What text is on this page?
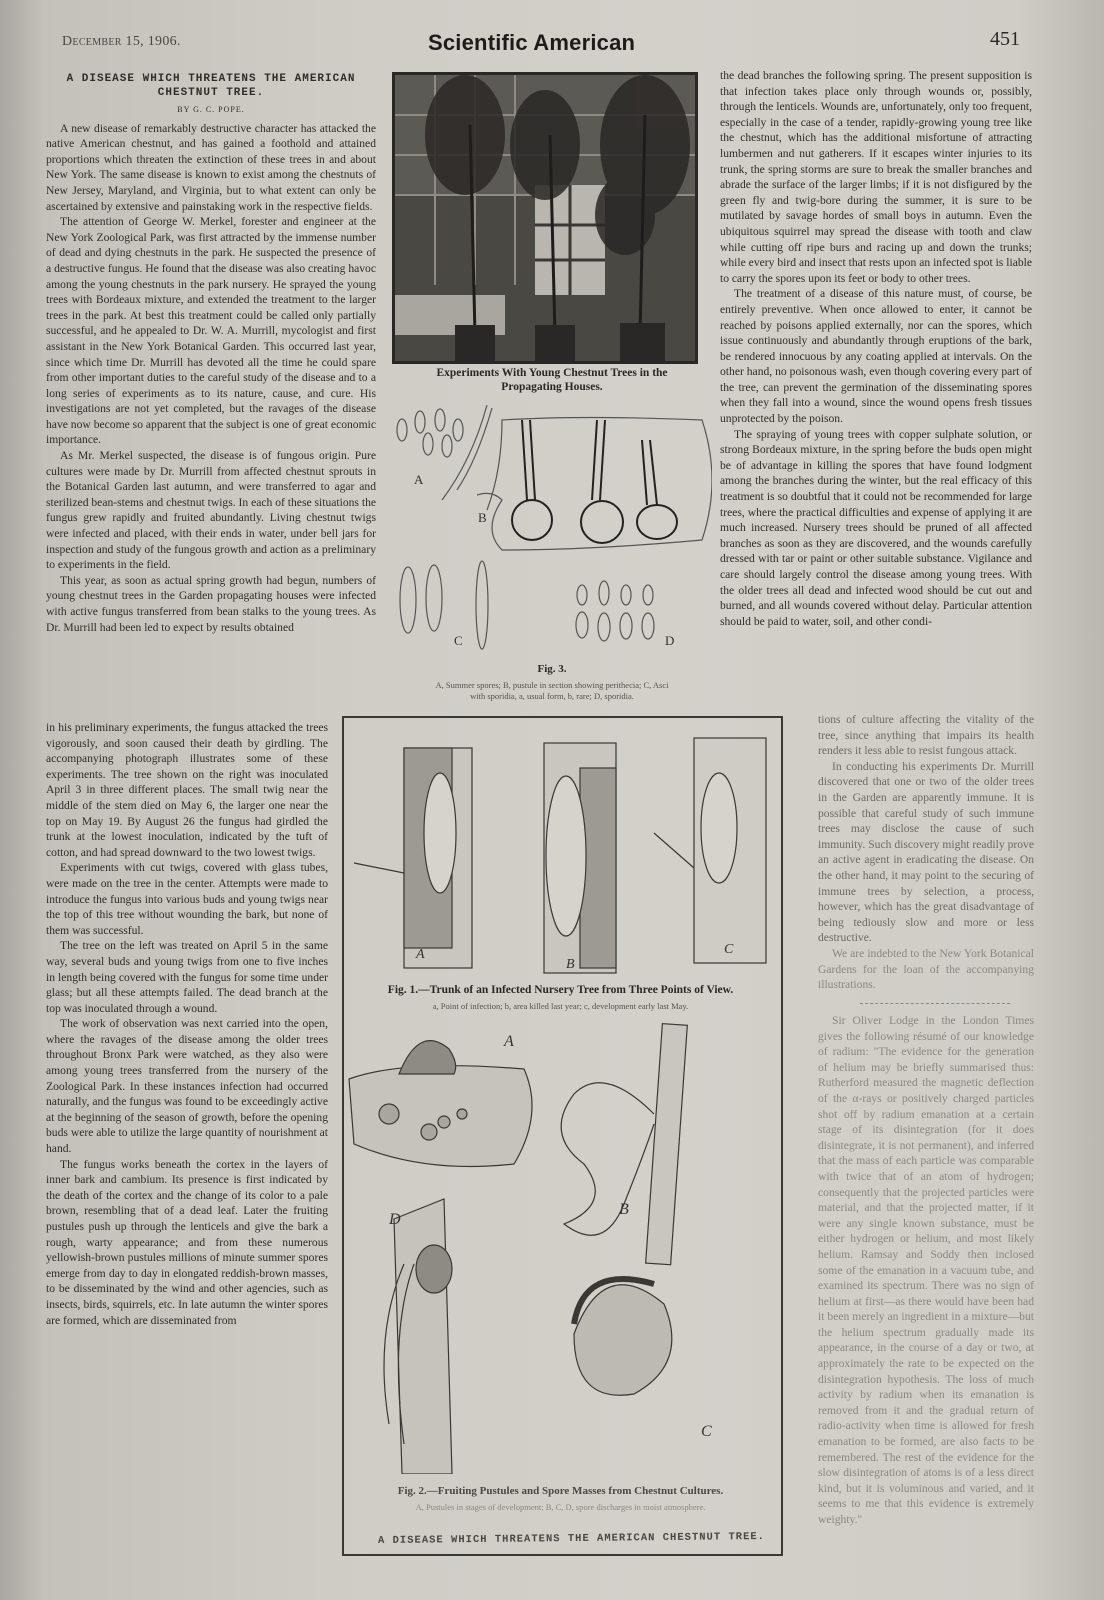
December 15, 1906.	Scientific American	451
A DISEASE WHICH THREATENS THE AMERICAN
CHESTNUT TREE.
BY G. C. POPE.

A new disease of remarkably destructive character has attacked the native American chestnut, and has gained a foothold and attained proportions which threaten the extinction of these trees in and about New York. The same disease is known to exist among the chestnuts of New Jersey, Maryland, and Virginia, but to what extent can only be ascertained by extensive and painstaking work in the respective fields.

The attention of George W. Merkel, forester and engineer at the New York Zoological Park, was first attracted by the immense number of dead and dying chestnuts in the park. He suspected the presence of a destructive fungus. He found that the disease was also creating havoc among the young chestnuts in the park nursery. He sprayed the young trees with Bordeaux mixture, and extended the treatment to the larger trees in the park. At best this treatment could be called only partially successful, and he appealed to Dr. W. A. Murrill, mycologist and first assistant in the New York Botanical Garden. This occurred last year, since which time Dr. Murrill has devoted all the time he could spare from other important duties to the careful study of the disease and to a long series of experiments as to its nature, cause, and cure. His investigations are not yet completed, but the ravages of the disease have now become so apparent that the subject is one of great economic importance.

As Mr. Merkel suspected, the disease is of fungous origin. Pure cultures were made by Dr. Murrill from affected chestnut sprouts in the Botanical Garden last autumn, and were transferred to agar and sterilized bean-stems and chestnut twigs. In each of these situations the fungus grew rapidly and fruited abundantly. Living chestnut twigs were infected and placed, with their ends in water, under bell jars for inspection and study of the fungous growth and action as a preliminary to experiments in the field.

This year, as soon as actual spring growth had begun, numbers of young chestnut trees in the Garden propagating houses were infected with active fungus transferred from bean stalks to the young trees. As Dr. Murrill had been led to expect by results obtained

in his preliminary experiments, the fungus attacked the trees vigorously, and soon caused their death by girdling. The accompanying photograph illustrates some of these experiments. The tree shown on the right was inoculated April 3 in three different places. The small twig near the middle of the stem died on May 6, the larger one near the top on May 19. By August 26 the fungus had girdled the trunk at the lowest inoculation, indicated by the tuft of cotton, and had spread downward to the two lowest twigs.

Experiments with cut twigs, covered with glass tubes, were made on the tree in the center. Attempts were made to introduce the fungus into various buds and young twigs near the top of this tree without wounding the bark, but none of them was successful.

The tree on the left was treated on April 5 in the same way, several buds and young twigs from one to five inches in length being covered with the fungus for some time under glass; but all these attempts failed. The dead branch at the top was inoculated through a wound.

The work of observation was next carried into the open, where the ravages of the disease among the older trees throughout Bronx Park were watched, as they also were among young trees transferred from the nursery of the Zoological Park. In these instances infection had occurred naturally, and the fungus was found to be exceedingly active at the beginning of the season of growth, before the opening buds were able to utilize the large quantity of nourishment at hand.

The fungus works beneath the cortex in the layers of inner bark and cambium. Its presence is first indicated by the death of the cortex and the change of its color to a pale brown, resembling that of a dead leaf. Later the fruiting pustules push up through the lenticels and give the bark a rough, warty appearance; and from these numerous yellowish-brown pustules millions of minute summer spores emerge from day to day in elongated reddish-brown masses, to be disseminated by the wind and other agencies, such as insects, birds, squirrels, etc. In late autumn the winter spores are formed, which are disseminated from

Experiments With Young Chestnut Trees in the
Propagating Houses.
A
B
C	D
Fig. 3.
A, Summer spores; B, pustule in section showing perithecia; C, Asci
with sporidia, a, usual form, b, rare; D, sporidia.
A
B
C
Fig. 1.—Trunk of an Infected Nursery Tree from Three Points of View.
a, Point of infection; b, area killed last year; c, development early last May.
A
B
D
C
Fig. 2.—Fruiting Pustules and Spore Masses from Chestnut Cultures.
A, Pustules in stages of development; B, C, D, spore discharges in moist atmosphere.
A DISEASE WHICH THREATENS THE AMERICAN CHESTNUT TREE.

the dead branches the following spring. The present supposition is that infection takes place only through wounds or, possibly, through the lenticels. Wounds are, unfortunately, only too frequent, especially in the case of a tender, rapidly-growing young tree like the chestnut, which has the additional misfortune of attracting lumbermen and nut gatherers. If it escapes winter injuries to its trunk, the spring storms are sure to break the smaller branches and abrade the surface of the larger limbs; if it is not disfigured by the green fly and twig-bore during the summer, it is sure to be mutilated by savage hordes of small boys in autumn. Even the ubiquitous squirrel may spread the disease with tooth and claw while cutting off ripe burs and racing up and down the trunks; while every bird and insect that rests upon an infected spot is liable to carry the spores upon its feet or body to other trees.

The treatment of a disease of this nature must, of course, be entirely preventive. When once allowed to enter, it cannot be reached by poisons applied externally, nor can the spores, which issue continuously and abundantly through eruptions of the bark, be rendered innocuous by any coating applied at intervals. On the other hand, no poisonous wash, even though covering every part of the tree, can prevent the germination of the disseminating spores when they fall into a wound, since the wound opens fresh tissues unprotected by the poison.

The spraying of young trees with copper sulphate solution, or strong Bordeaux mixture, in the spring before the buds open might be of advantage in killing the spores that have found lodgment among the branches during the winter, but the real efficacy of this treatment is so doubtful that it could not be recommended for large trees, where the practical difficulties and expense of applying it are much increased. Nursery trees should be pruned of all affected branches as soon as they are discovered, and the wounds carefully dressed with tar or paint or other suitable substance. Vigilance and care should largely control the disease among young trees. With the older trees all dead and infected wood should be cut out and burned, and all wounds covered without delay. Particular attention should be paid to water, soil, and other condi-

tions of culture affecting the vitality of the tree, since anything that impairs its health renders it less able to resist fungous attack.

In conducting his experiments Dr. Murrill discovered that one or two of the older trees in the Garden are apparently immune. It is possible that careful study of such immune trees may disclose the cause of such immunity. Such discovery might readily prove an active agent in eradicating the disease. On the other hand, it may point to the securing of immune trees by selection, a process, however, which has the great disadvantage of being tediously slow and more or less destructive.

We are indebted to the New York Botanical Gardens for the loan of the accompanying illustrations.

Sir Oliver Lodge in the London Times gives the following résumé of our knowledge of radium: "The evidence for the generation of helium may be briefly summarised thus: Rutherford measured the magnetic deflection of the α-rays or positively charged particles shot off by radium emanation at a certain stage of its disintegration (for it does disintegrate, it is not permanent), and inferred that the mass of each particle was comparable with twice that of an atom of hydrogen; consequently that the projected particles were material, and that the projected matter, if it were any single known substance, must be either hydrogen or helium, and most likely helium. Ramsay and Soddy then inclosed some of the emanation in a vacuum tube, and examined its spectrum. There was no sign of helium at first—as there would have been had it been merely an ingredient in a mixture—but the helium spectrum gradually made its appearance, in the course of a day or two, at approximately the rate to be expected on the disintegration hypothesis. The loss of much activity by radium when its emanation is removed from it and the gradual return of radio-activity when time is allowed for fresh emanation to be formed, are also facts to be remembered. The rest of the evidence for the slow disintegration of atoms is of a less direct kind, but it is voluminous and varied, and it seems to me that this evidence is extremely weighty."
